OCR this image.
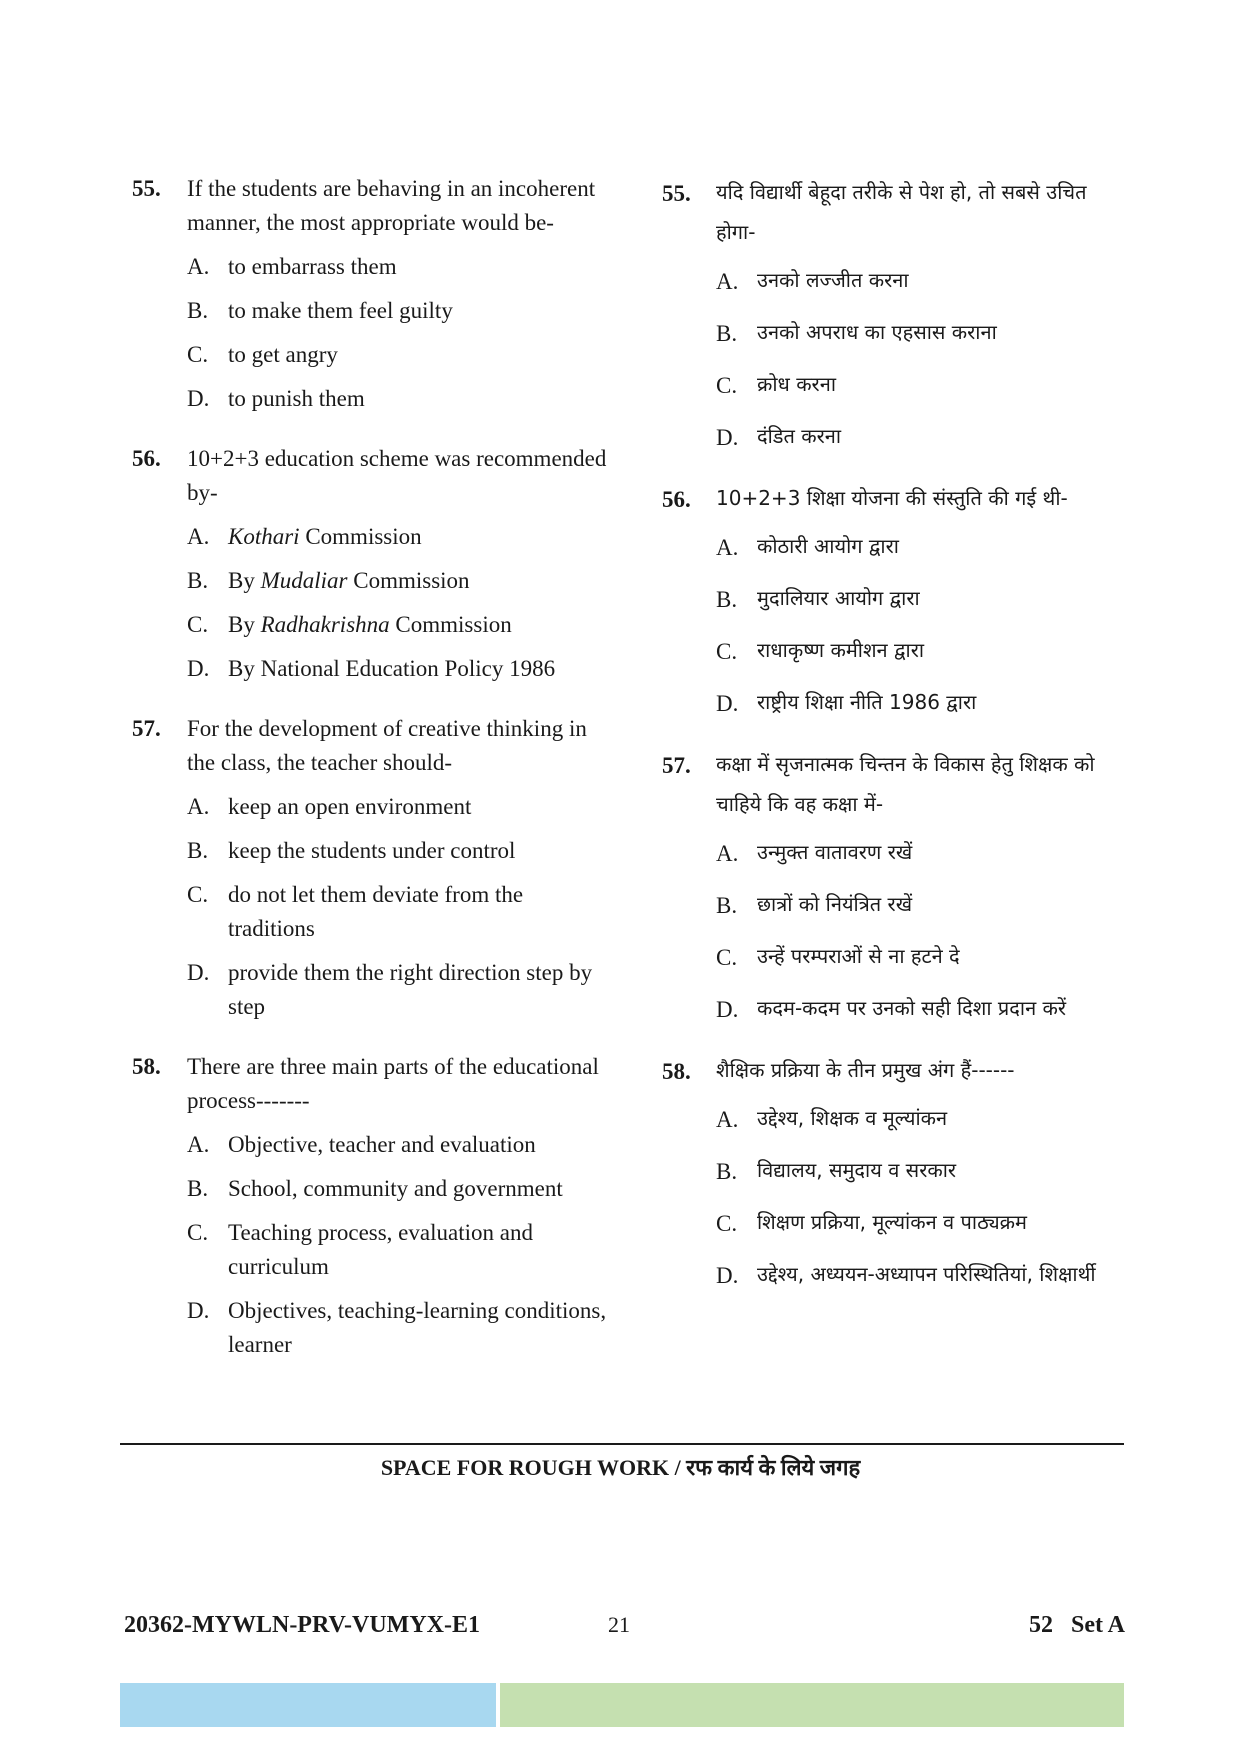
55. If the students are behaving in an incoherent manner, the most appropriate would be-
A. to embarrass them
B. to make them feel guilty
C. to get angry
D. to punish them
56. 10+2+3 education scheme was recommended by-
A. Kothari Commission
B. By Mudaliar Commission
C. By Radhakrishna Commission
D. By National Education Policy 1986
57. For the development of creative thinking in the class, the teacher should-
A. keep an open environment
B. keep the students under control
C. do not let them deviate from the traditions
D. provide them the right direction step by step
58. There are three main parts of the educational process-------
A. Objective, teacher and evaluation
B. School, community and government
C. Teaching process, evaluation and curriculum
D. Objectives, teaching-learning conditions, learner
55. यदि विद्यार्थी बेहूदा तरीके से पेश हो, तो सबसे उचित होगा-
A. उनको लज्जीत करना
B. उनको अपराध का एहसास कराना
C. क्रोध करना
D. दंडित करना
56. 10+2+3 शिक्षा योजना की संस्तुति की गई थी-
A. कोठारी आयोग द्वारा
B. मुदालियार आयोग द्वारा
C. राधाकृष्ण कमीशन द्वारा
D. राष्ट्रीय शिक्षा नीति 1986 द्वारा
57. कक्षा में सृजनात्मक चिन्तन के विकास हेतु शिक्षक को चाहिये कि वह कक्षा में-
A. उन्मुक्त वातावरण रखें
B. छात्रों को नियंत्रित रखें
C. उन्हें परम्पराओं से ना हटने दे
D. कदम-कदम पर उनको सही दिशा प्रदान करें
58. शैक्षिक प्रक्रिया के तीन प्रमुख अंग हैं------
A. उद्देश्य, शिक्षक व मूल्यांकन
B. विद्यालय, समुदाय व सरकार
C. शिक्षण प्रक्रिया, मूल्यांकन व पाठ्यक्रम
D. उद्देश्य, अध्ययन-अध्यापन परिस्थितियां, शिक्षार्थी
SPACE FOR ROUGH WORK / रफ कार्य के लिये जगह
20362-MYWLN-PRV-VUMYX-E1	21	52   Set A
